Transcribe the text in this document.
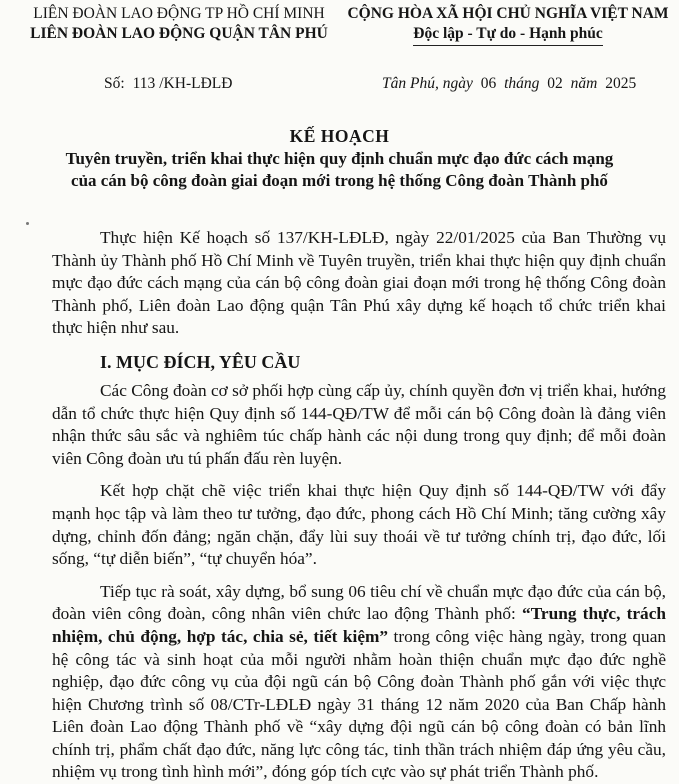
LIÊN ĐOÀN LAO ĐỘNG TP HỒ CHÍ MINH
LIÊN ĐOÀN LAO ĐỘNG QUẬN TÂN PHÚ
CỘNG HÒA XÃ HỘI CHỦ NGHĨA VIỆT NAM
Độc lập - Tự do - Hạnh phúc
Số: 113 /KH-LĐLĐ	Tân Phú, ngày 06 tháng 02 năm 2025
KẾ HOẠCH
Tuyên truyền, triển khai thực hiện quy định chuẩn mực đạo đức cách mạng
của cán bộ công đoàn giai đoạn mới trong hệ thống Công đoàn Thành phố

Thực hiện Kế hoạch số 137/KH-LĐLĐ, ngày 22/01/2025 của Ban Thường vụ Thành ủy Thành phố Hồ Chí Minh về Tuyên truyền, triển khai thực hiện quy định chuẩn mực đạo đức cách mạng của cán bộ công đoàn giai đoạn mới trong hệ thống Công đoàn Thành phố, Liên đoàn Lao động quận Tân Phú xây dựng kế hoạch tổ chức triển khai thực hiện như sau.

I. MỤC ĐÍCH, YÊU CẦU

Các Công đoàn cơ sở phối hợp cùng cấp ủy, chính quyền đơn vị triển khai, hướng dẫn tổ chức thực hiện Quy định số 144-QĐ/TW để mỗi cán bộ Công đoàn là đảng viên nhận thức sâu sắc và nghiêm túc chấp hành các nội dung trong quy định; để mỗi đoàn viên Công đoàn ưu tú phấn đấu rèn luyện.

Kết hợp chặt chẽ việc triển khai thực hiện Quy định số 144-QĐ/TW với đẩy mạnh học tập và làm theo tư tưởng, đạo đức, phong cách Hồ Chí Minh; tăng cường xây dựng, chỉnh đốn đảng; ngăn chặn, đẩy lùi suy thoái về tư tưởng chính trị, đạo đức, lối sống, “tự diễn biến”, “tự chuyển hóa”.

Tiếp tục rà soát, xây dựng, bổ sung 06 tiêu chí về chuẩn mực đạo đức của cán bộ, đoàn viên công đoàn, công nhân viên chức lao động Thành phố: “Trung thực, trách nhiệm, chủ động, hợp tác, chia sẻ, tiết kiệm” trong công việc hàng ngày, trong quan hệ công tác và sinh hoạt của mỗi người nhằm hoàn thiện chuẩn mực đạo đức nghề nghiệp, đạo đức công vụ của đội ngũ cán bộ Công đoàn Thành phố gắn với việc thực hiện Chương trình số 08/CTr-LĐLĐ ngày 31 tháng 12 năm 2020 của Ban Chấp hành Liên đoàn Lao động Thành phố về “xây dựng đội ngũ cán bộ công đoàn có bản lĩnh chính trị, phẩm chất đạo đức, năng lực công tác, tinh thần trách nhiệm đáp ứng yêu cầu, nhiệm vụ trong tình hình mới”, đóng góp tích cực vào sự phát triển Thành phố.
